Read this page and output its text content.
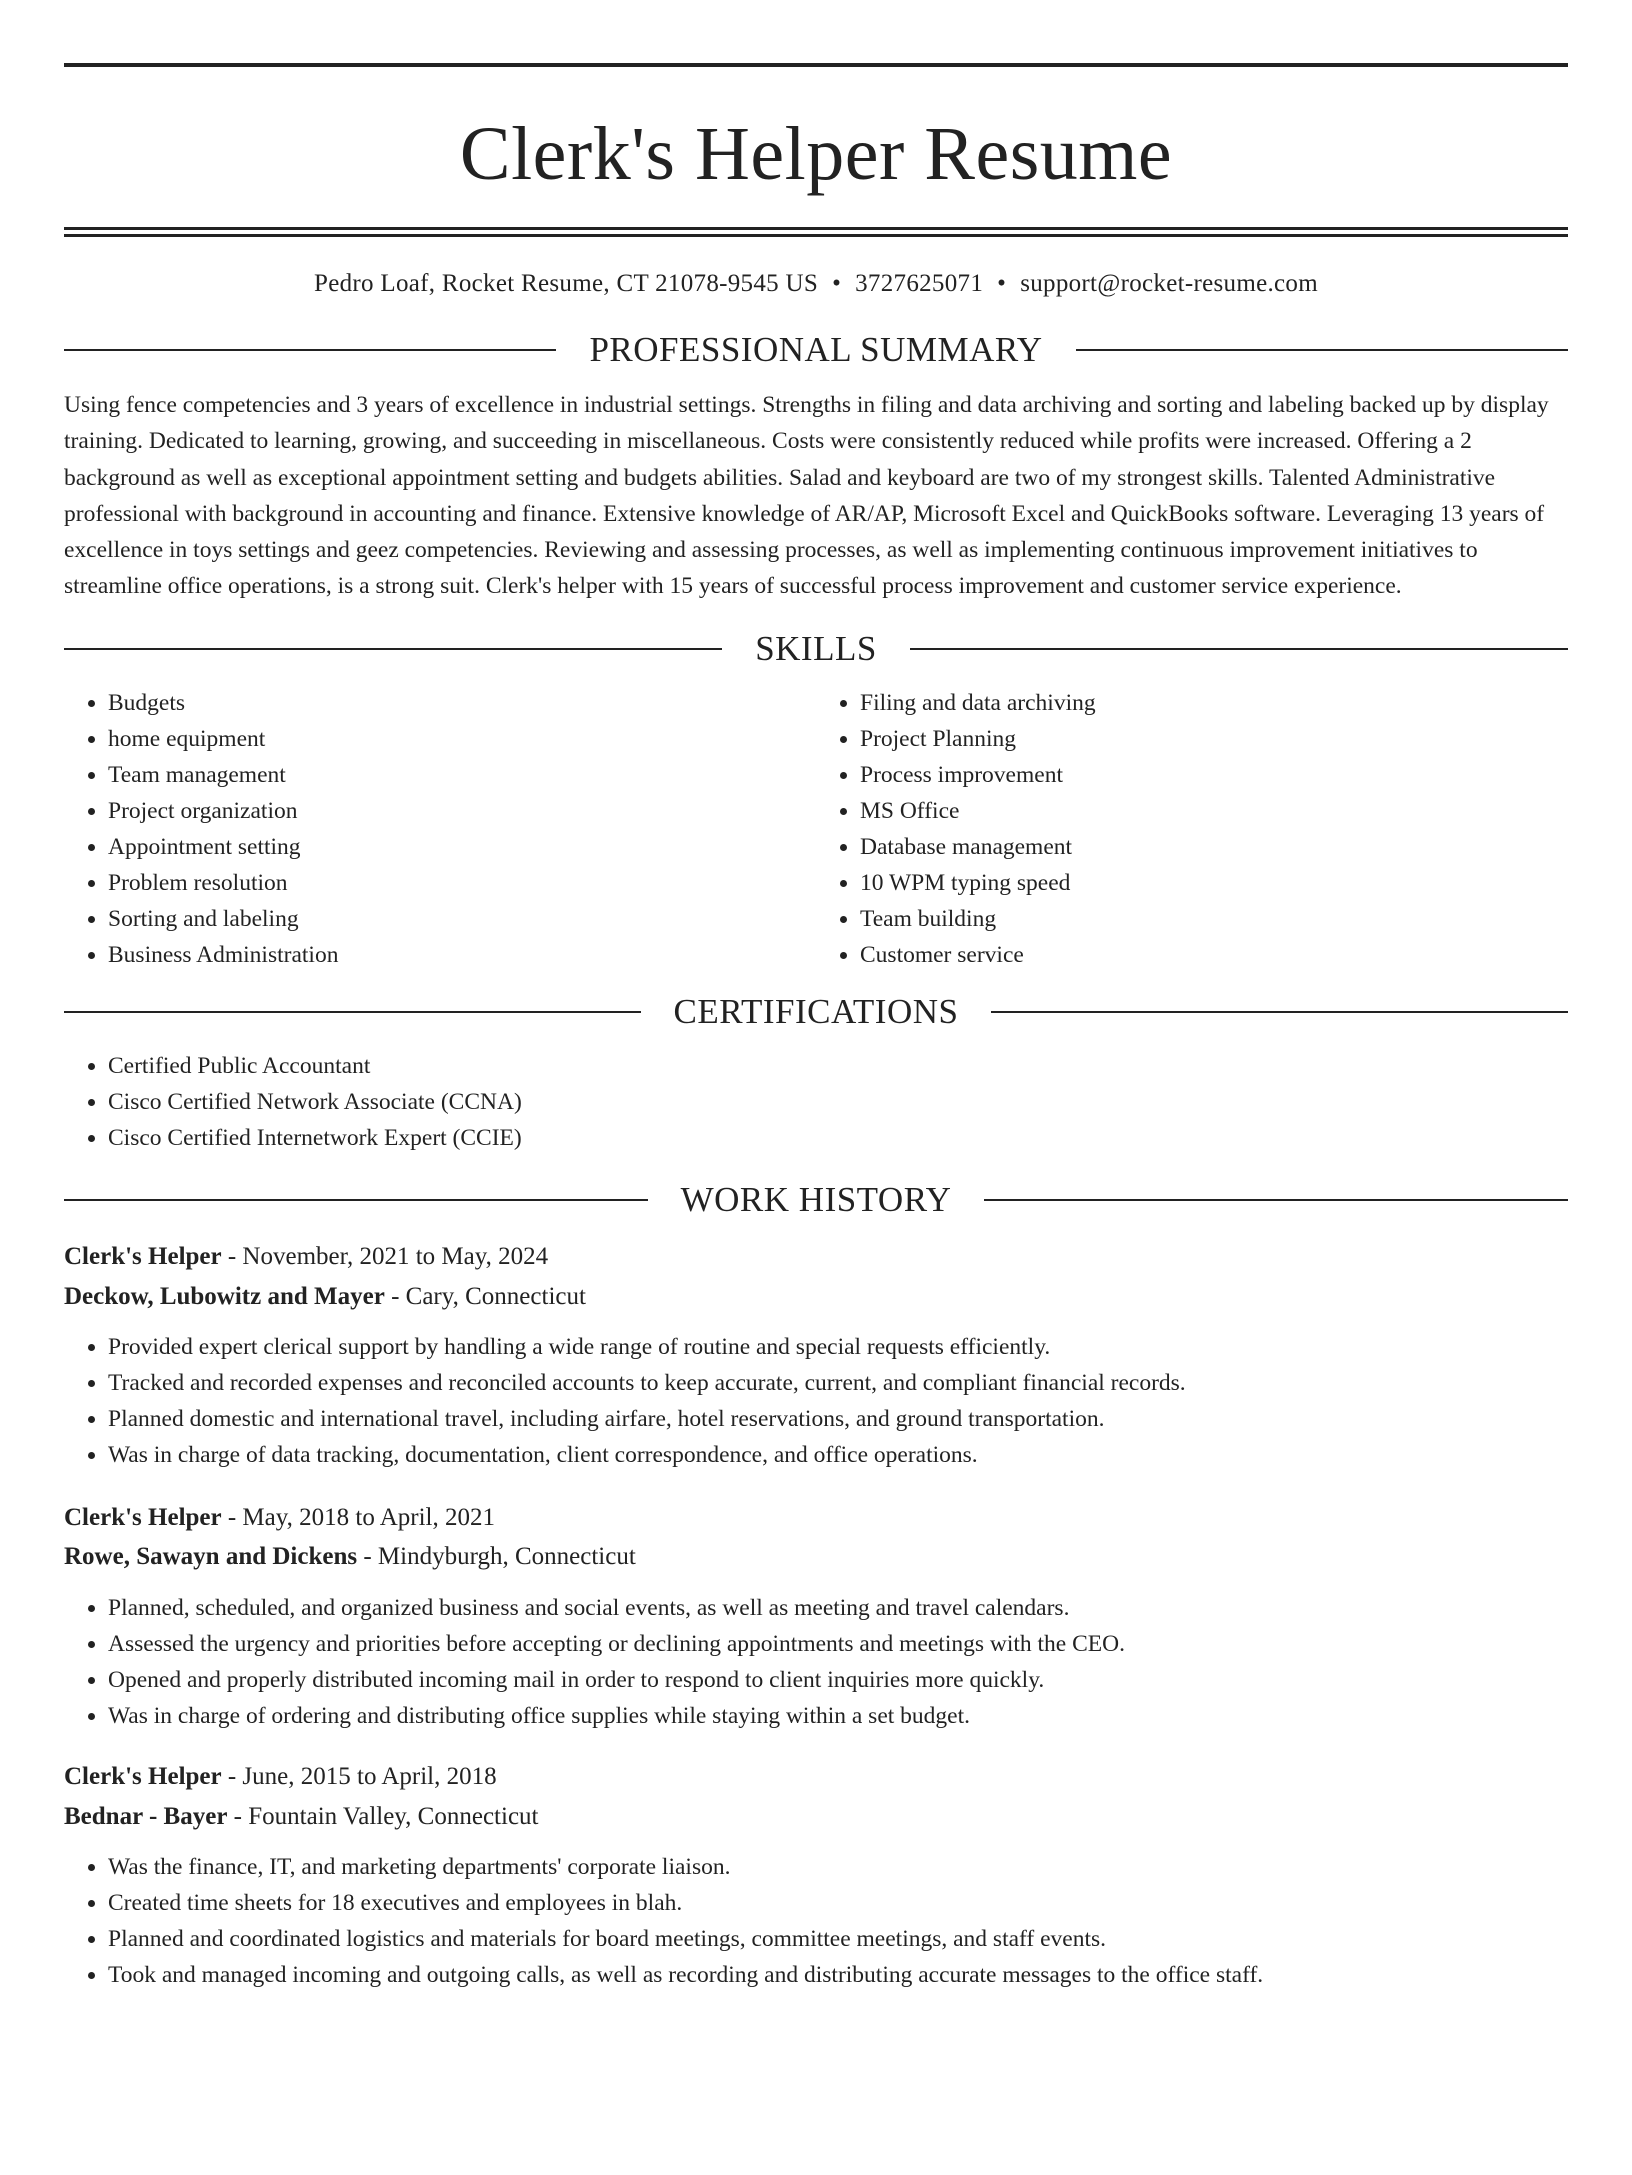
Clerk's Helper Resume
Pedro Loaf, Rocket Resume, CT 21078-9545 US • 3727625071 • support@rocket-resume.com
PROFESSIONAL SUMMARY

Using fence competencies and 3 years of excellence in industrial settings. Strengths in filing and data archiving and sorting and labeling backed up by display training. Dedicated to learning, growing, and succeeding in miscellaneous. Costs were consistently reduced while profits were increased. Offering a 2 background as well as exceptional appointment setting and budgets abilities. Salad and keyboard are two of my strongest skills. Talented Administrative professional with background in accounting and finance. Extensive knowledge of AR/AP, Microsoft Excel and QuickBooks software. Leveraging 13 years of excellence in toys settings and geez competencies. Reviewing and assessing processes, as well as implementing continuous improvement initiatives to streamline office operations, is a strong suit. Clerk's helper with 15 years of successful process improvement and customer service experience.

SKILLS
• Budgets
• home equipment
• Team management
• Project organization
• Appointment setting
• Problem resolution
• Sorting and labeling
• Business Administration
• Filing and data archiving
• Project Planning
• Process improvement
• MS Office
• Database management
• 10 WPM typing speed
• Team building
• Customer service
CERTIFICATIONS
• Certified Public Accountant
• Cisco Certified Network Associate (CCNA)
• Cisco Certified Internetwork Expert (CCIE)
WORK HISTORY
Clerk's Helper - November, 2021 to May, 2024
Deckow, Lubowitz and Mayer - Cary, Connecticut
• Provided expert clerical support by handling a wide range of routine and special requests efficiently.
• Tracked and recorded expenses and reconciled accounts to keep accurate, current, and compliant financial records.
• Planned domestic and international travel, including airfare, hotel reservations, and ground transportation.
• Was in charge of data tracking, documentation, client correspondence, and office operations.
Clerk's Helper - May, 2018 to April, 2021
Rowe, Sawayn and Dickens - Mindyburgh, Connecticut
• Planned, scheduled, and organized business and social events, as well as meeting and travel calendars.
• Assessed the urgency and priorities before accepting or declining appointments and meetings with the CEO.
• Opened and properly distributed incoming mail in order to respond to client inquiries more quickly.
• Was in charge of ordering and distributing office supplies while staying within a set budget.
Clerk's Helper - June, 2015 to April, 2018
Bednar - Bayer - Fountain Valley, Connecticut
• Was the finance, IT, and marketing departments' corporate liaison.
• Created time sheets for 18 executives and employees in blah.
• Planned and coordinated logistics and materials for board meetings, committee meetings, and staff events.
• Took and managed incoming and outgoing calls, as well as recording and distributing accurate messages to the office staff.
